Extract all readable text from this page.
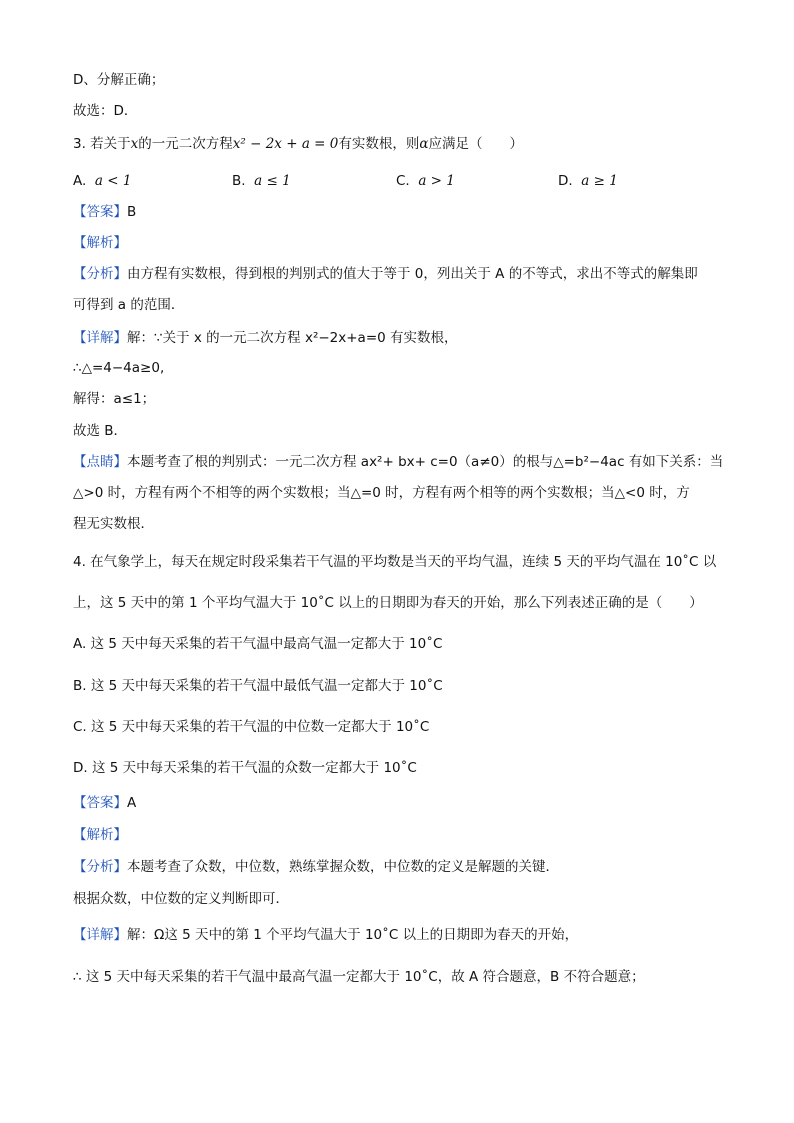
D、分解正确；
故选：D．
3. 若关于x的一元二次方程x² − 2x + a = 0有实数根，则α应满足（　　）
A. a < 1	B. a ≤ 1	C. a > 1	D. a ≥ 1
【答案】B
【解析】
【分析】由方程有实数根，得到根的判别式的值大于等于 0，列出关于 A 的不等式，求出不等式的解集即
可得到 a 的范围．
【详解】解：∵关于 x 的一元二次方程 x²−2x+a=0 有实数根，
∴△=4−4a≥0,
解得：a≤1；
故选 B．
【点睛】本题考查了根的判别式：一元二次方程 ax²+ bx+ c=0（a≠0）的根与△=b²−4ac 有如下关系：当
△>0 时，方程有两个不相等的两个实数根；当△=0 时，方程有两个相等的两个实数根；当△<0 时，方
程无实数根．
4. 在气象学上，每天在规定时段采集若干气温的平均数是当天的平均气温，连续 5 天的平均气温在 10˚C 以
上，这 5 天中的第 1 个平均气温大于 10˚C 以上的日期即为春天的开始，那么下列表述正确的是（　　）
A. 这 5 天中每天采集的若干气温中最高气温一定都大于 10˚C
B. 这 5 天中每天采集的若干气温中最低气温一定都大于 10˚C
C. 这 5 天中每天采集的若干气温的中位数一定都大于 10˚C
D. 这 5 天中每天采集的若干气温的众数一定都大于 10˚C
【答案】A
【解析】
【分析】本题考查了众数，中位数，熟练掌握众数，中位数的定义是解题的关键．
根据众数，中位数的定义判断即可．
【详解】解：Ω这 5 天中的第 1 个平均气温大于 10˚C 以上的日期即为春天的开始，
∴ 这 5 天中每天采集的若干气温中最高气温一定都大于 10˚C，故 A 符合题意，B 不符合题意；
